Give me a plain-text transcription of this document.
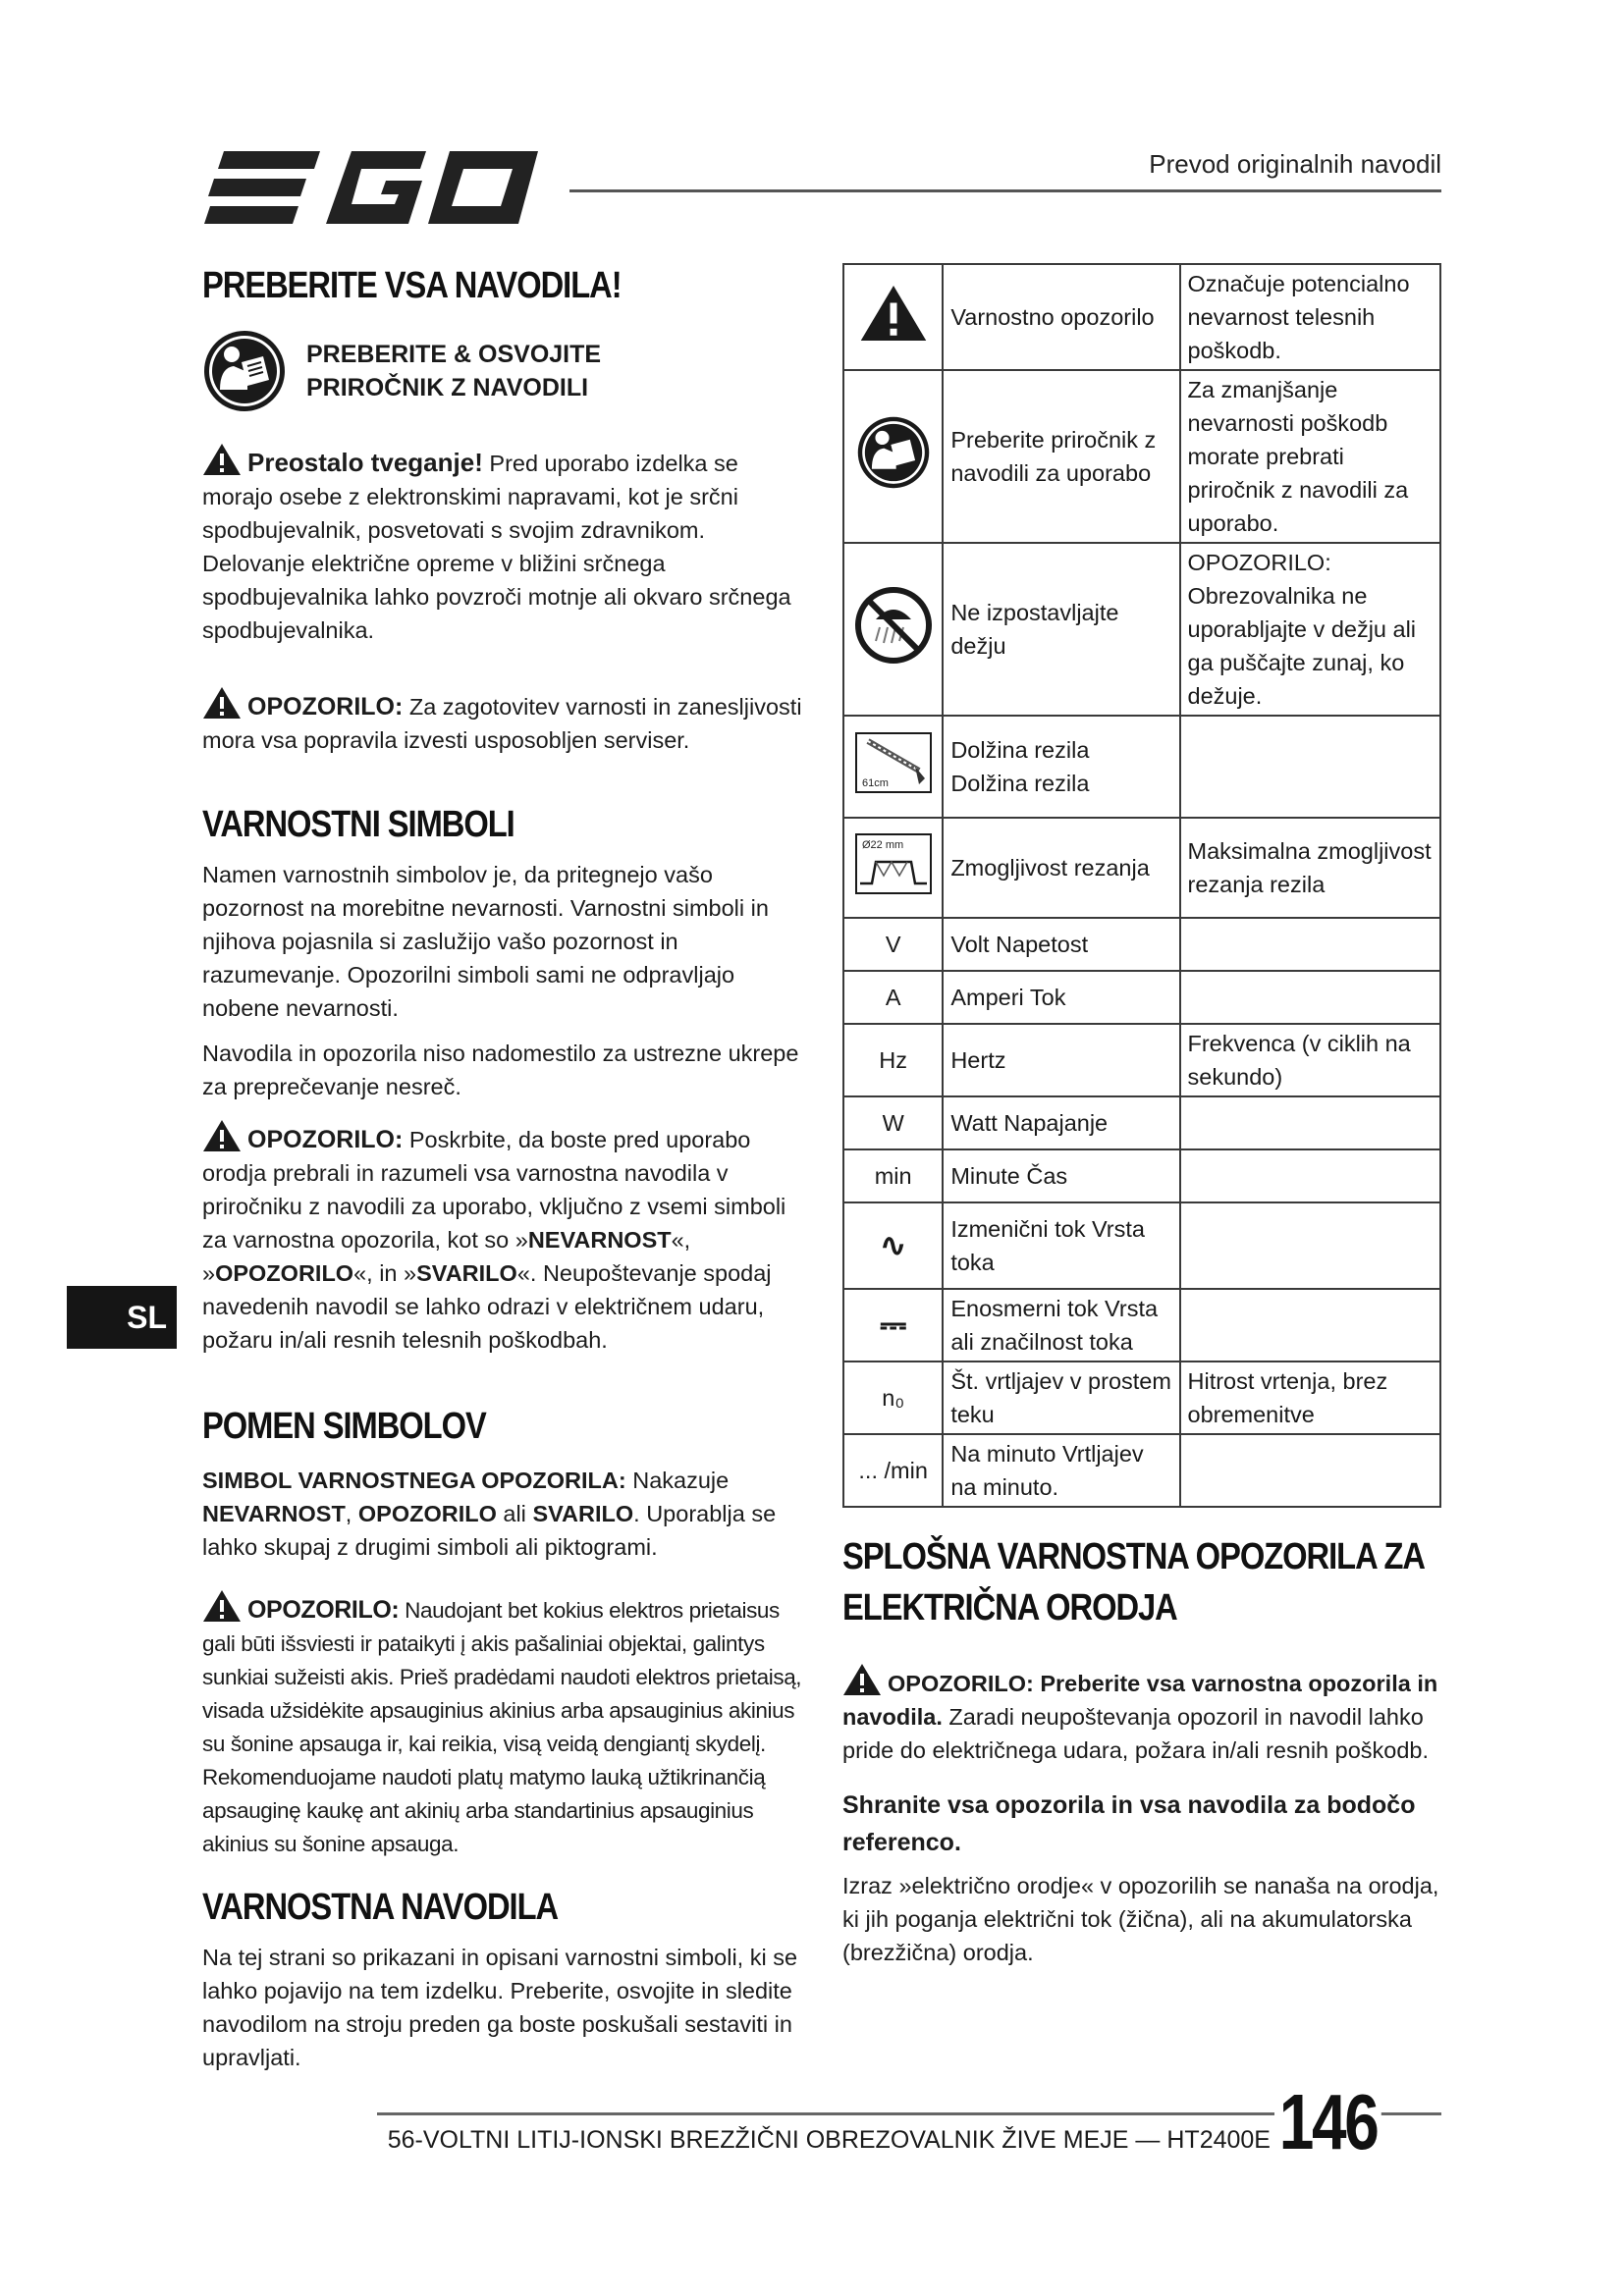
Prevod originalnih navodil
PREBERITE VSA NAVODILA!
PREBERITE & OSVOJITE
PRIROČNIK Z NAVODILI

Preostalo tveganje! Pred uporabo izdelka se morajo osebe z elektronskimi napravami, kot je srčni spodbujevalnik, posvetovati s svojim zdravnikom. Delovanje električne opreme v bližini srčnega spodbujevalnika lahko povzroči motnje ali okvaro srčnega spodbujevalnika.

OPOZORILO: Za zagotovitev varnosti in zanesljivosti mora vsa popravila izvesti usposobljen serviser.

VARNOSTNI SIMBOLI

Namen varnostnih simbolov je, da pritegnejo vašo pozornost na morebitne nevarnosti. Varnostni simboli in njihova pojasnila si zaslužijo vašo pozornost in razumevanje. Opozorilni simboli sami ne odpravljajo nobene nevarnosti.

Navodila in opozorila niso nadomestilo za ustrezne ukrepe za preprečevanje nesreč.

OPOZORILO: Poskrbite, da boste pred uporabo orodja prebrali in razumeli vsa varnostna navodila v priročniku z navodili za uporabo, vključno z vsemi simboli za varnostna opozorila, kot so »NEVARNOST«, »OPOZORILO«, in »SVARILO«. Neupoštevanje spodaj navedenih navodil se lahko odrazi v električnem udaru, požaru in/ali resnih telesnih poškodbah.

POMEN SIMBOLOV

SIMBOL VARNOSTNEGA OPOZORILA: Nakazuje NEVARNOST, OPOZORILO ali SVARILO. Uporablja se lahko skupaj z drugimi simboli ali piktogrami.

OPOZORILO: Naudojant bet kokius elektros prietaisus gali būti išsviesti ir pataikyti į akis pašaliniai objektai, galintys sunkiai sužeisti akis. Prieš pradėdami naudoti elektros prietaisą, visada užsidėkite apsauginius akinius arba apsauginius akinius su šonine apsauga ir, kai reikia, visą veidą dengiantį skydelį. Rekomenduojame naudoti platų matymo lauką užtikrinančią apsauginę kaukę ant akinių arba standartinius apsauginius akinius su šonine apsauga.

VARNOSTNA NAVODILA

Na tej strani so prikazani in opisani varnostni simboli, ki se lahko pojavijo na tem izdelku. Preberite, osvojite in sledite navodilom na stroju preden ga boste poskušali sestaviti in upravljati.

	Varnostno opozorilo	Označuje potencialno nevarnost telesnih poškodb.
	Preberite priročnik z navodili za uporabo	Za zmanjšanje nevarnosti poškodb morate prebrati priročnik z navodili za uporabo.
	Ne izpostavljajte dežju	OPOZORILO: Obrezovalnika ne uporabljajte v dežju ali ga puščajte zunaj, ko dežuje.

61cm	Dolžina rezila Dolžina rezila	

Ø22 mm	Zmogljivost rezanja	Maksimalna zmogljivost rezanja rezila
V	Volt Napetost	
A	Amperi Tok	
Hz	Hertz	Frekvenca (v ciklih na sekundo)
W	Watt Napajanje	
min	Minute Čas	
∿	Izmenični tok Vrsta toka	
⎓	Enosmerni tok Vrsta ali značilnost toka	
n₀	Št. vrtljajev v prostem teku	Hitrost vrtenja, brez obremenitve
... /min	Na minuto Vrtljajev na minuto.	
SPLOŠNA VARNOSTNA OPOZORILA ZA ELEKTRIČNA ORODJA

OPOZORILO: Preberite vsa varnostna opozorila in navodila. Zaradi neupoštevanja opozoril in navodil lahko pride do električnega udara, požara in/ali resnih poškodb.

Shranite vsa opozorila in vsa navodila za bodočo referenco.

Izraz »električno orodje« v opozorilih se nanaša na orodja, ki jih poganja električni tok (žična), ali na akumulatorska (brezžična) orodja.

SL
56-VOLTNI LITIJ-IONSKI BREZŽIČNI OBREZOVALNIK ŽIVE MEJE — HT2400E 146
